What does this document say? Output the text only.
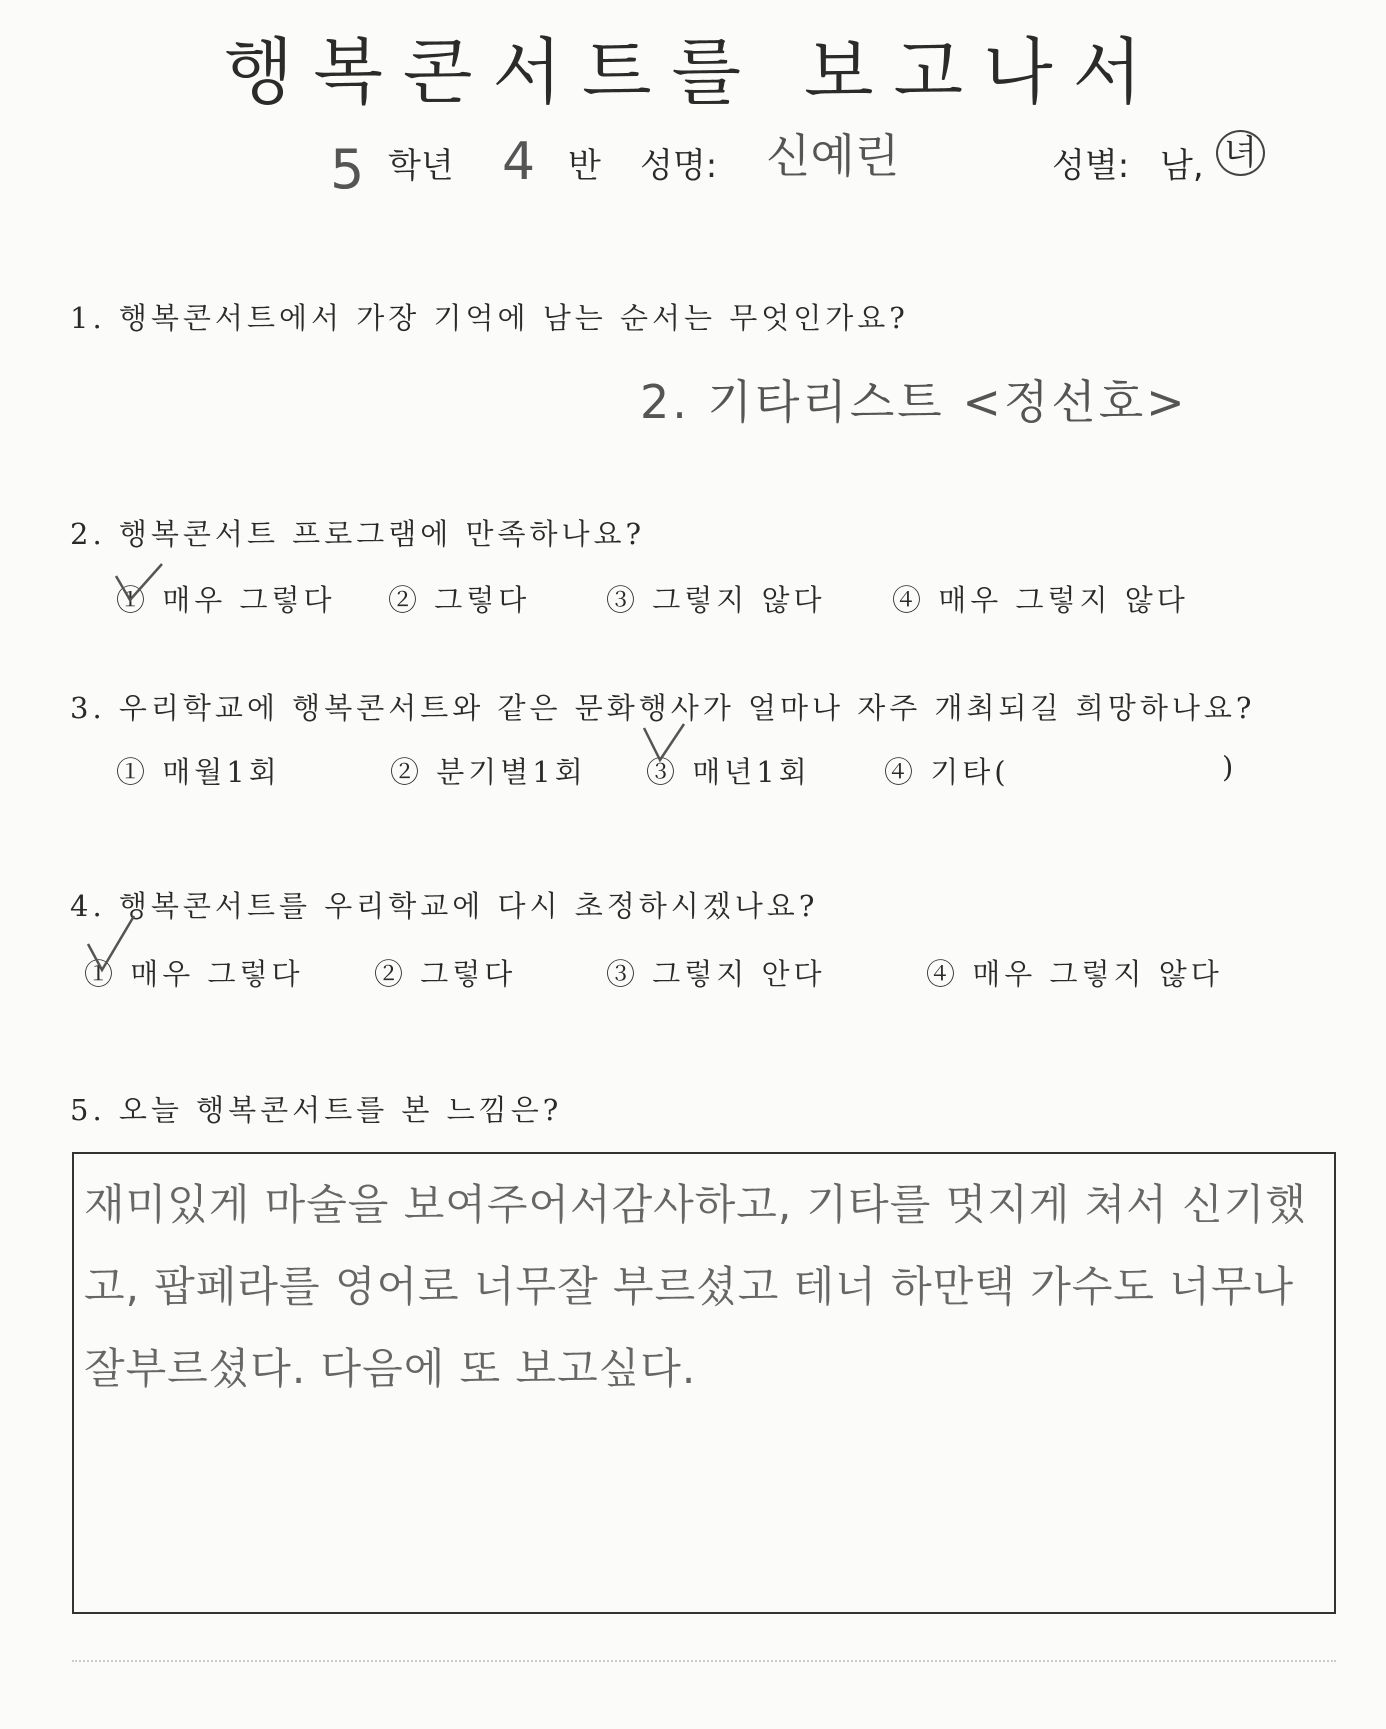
행복콘서트를 보고나서
5 학년 4 반 성명: 신예린	성별: 남, 녀
1. 행복콘서트에서 가장 기억에 남는 순서는 무엇인가요?
2. 기타리스트 <정선호>
2. 행복콘서트 프로그램에 만족하나요?
① 매우 그렇다 ② 그렇다	③ 그렇지 않다 ④ 매우 그렇지 않다
3. 우리학교에 행복콘서트와 같은 문화행사가 얼마나 자주 개최되길 희망하나요?
① 매월1회	② 분기별1회 ③ 매년1회	④ 기타(	)
4. 행복콘서트를 우리학교에 다시 초정하시겠나요?
① 매우 그렇다 ② 그렇다	③ 그렇지 안다	④ 매우 그렇지 않다
5. 오늘 행복콘서트를 본 느낌은?
재미있게 마술을 보여주어서감사하고, 기타를 멋지게 쳐서 신기했고, 팝페라를 영어로 너무잘 부르셨고 테너 하만택 가수도 너무나 잘부르셨다. 다음에 또 보고싶다.
